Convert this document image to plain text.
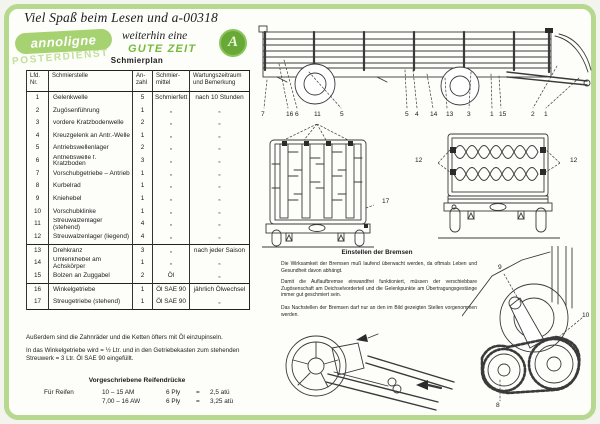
Viel Spaß beim Lesen und a-00318
annoligne
POSTERDIENST
weiterhin eine
GUTE ZEIT	A
Schmierplan
Lfd. Nr.	Schmierstelle	An-zahl	Schmier-mittel	Wartungszeitraum und Bemerkung
1	Gelenkwelle	5	Schmierfett	nach 10 Stunden
2	Zugösenführung	1	„	„
3	vordere Kratzbodenwelle	2	„	„
4	Kreuzgelenk an Antr.-Welle	1	„	„
5	Antriebswellenlager	2	„	„
6	Antriebswelle f. Kratzboden	3	„	„
7	Vorschubgetriebe – Antrieb	1	„	„
8	Kurbelrad	1	„	„
9	Kniehebel	1	„	„
10	Vorschubklinke	1	„	„
11	Streuwalzenlager (stehend)	4	„	„
12	Streuwalzenlager (liegend)	4	„	„
13	Drehkranz	3	„	nach jeder Saison
14	Umlenkhebel am Achskörper	1	„	„
15	Bolzen an Zuggabel	2	Öl	„
16	Winkelgetriebe	1	Öl SAE 90	jährlich Ölwechsel
17	Streugetriebe (stehend)	1	Öl SAE 90	„
Außerdem sind die Zahnräder und die Ketten öfters mit Öl einzupinseln.
In das Winkelgetriebe wird = ½ Ltr. und in den Getriebekasten zum stehenden Streuwerk = 3 Ltr. Öl SAE 90 eingefüllt.
Vorgeschriebene Reifendrücke
Für Reifen	10 – 15 AM	6 Ply	=	2,5 atü
7,00 – 16 AW	6 Ply	=	3,25 atü
7	16 6 11	5	5 4 14 13 3	1 15	2 1
17
12	12
Einstellen der Bremsen
Die Wirksamkeit der Bremsen muß laufend überwacht werden, da oftmals Leben und Gesundheit davon abhängt.
Damit die Auflaufbremse einwandfrei funktioniert, müssen der verschiebbare Zugösenschaft am Deichselvorderteil und die Gelenkpunkte am Übertragungsgestänge immer gut geschmiert sein.
Das Nachstellen der Bremsen darf nur an den im Bild gezeigten Stellen vorgenommen werden.
9
10
8
